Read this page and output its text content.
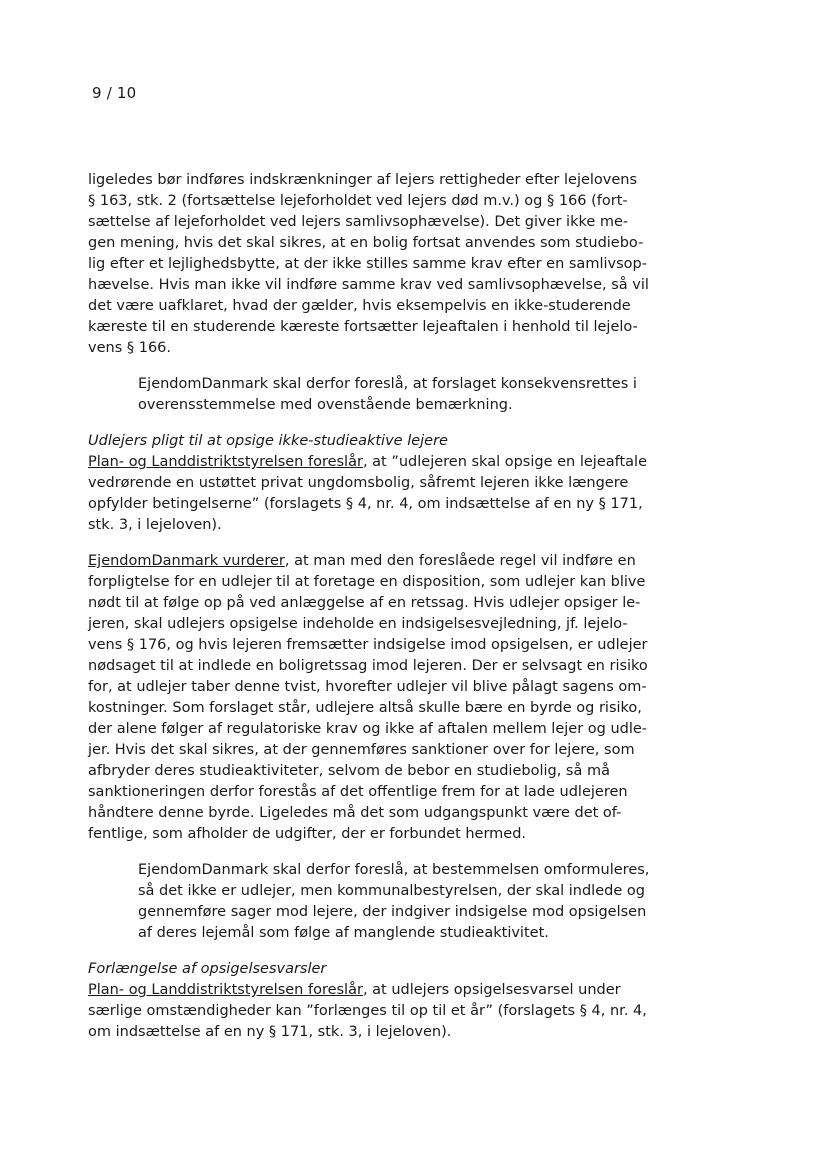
9 / 10

ligeledes bør indføres indskrænkninger af lejers rettigheder efter lejelovens
§ 163, stk. 2 (fortsættelse lejeforholdet ved lejers død m.v.) og § 166 (fort-
sættelse af lejeforholdet ved lejers samlivsophævelse). Det giver ikke me-
gen mening, hvis det skal sikres, at en bolig fortsat anvendes som studiebo-
lig efter et lejlighedsbytte, at der ikke stilles samme krav efter en samlivsop-
hævelse. Hvis man ikke vil indføre samme krav ved samlivsophævelse, så vil
det være uafklaret, hvad der gælder, hvis eksempelvis en ikke-studerende
kæreste til en studerende kæreste fortsætter lejeaftalen i henhold til lejelo-
vens § 166.

EjendomDanmark skal derfor foreslå, at forslaget konsekvensrettes i
overensstemmelse med ovenstående bemærkning.

Udlejers pligt til at opsige ikke-studieaktive lejere
Plan- og Landdistriktstyrelsen foreslår, at ”udlejeren skal opsige en lejeaftale
vedrørende en ustøttet privat ungdomsbolig, såfremt lejeren ikke længere
opfylder betingelserne” (forslagets § 4, nr. 4, om indsættelse af en ny § 171,
stk. 3, i lejeloven).

EjendomDanmark vurderer, at man med den foreslåede regel vil indføre en
forpligtelse for en udlejer til at foretage en disposition, som udlejer kan blive
nødt til at følge op på ved anlæggelse af en retssag. Hvis udlejer opsiger le-
jeren, skal udlejers opsigelse indeholde en indsigelsesvejledning, jf. lejelo-
vens § 176, og hvis lejeren fremsætter indsigelse imod opsigelsen, er udlejer
nødsaget til at indlede en boligretssag imod lejeren. Der er selvsagt en risiko
for, at udlejer taber denne tvist, hvorefter udlejer vil blive pålagt sagens om-
kostninger. Som forslaget står, udlejere altså skulle bære en byrde og risiko,
der alene følger af regulatoriske krav og ikke af aftalen mellem lejer og udle-
jer. Hvis det skal sikres, at der gennemføres sanktioner over for lejere, som
afbryder deres studieaktiviteter, selvom de bebor en studiebolig, så må
sanktioneringen derfor forestås af det offentlige frem for at lade udlejeren
håndtere denne byrde. Ligeledes må det som udgangspunkt være det of-
fentlige, som afholder de udgifter, der er forbundet hermed.

EjendomDanmark skal derfor foreslå, at bestemmelsen omformuleres,
så det ikke er udlejer, men kommunalbestyrelsen, der skal indlede og
gennemføre sager mod lejere, der indgiver indsigelse mod opsigelsen
af deres lejemål som følge af manglende studieaktivitet.

Forlængelse af opsigelsesvarsler
Plan- og Landdistriktstyrelsen foreslår, at udlejers opsigelsesvarsel under
særlige omstændigheder kan ”forlænges til op til et år” (forslagets § 4, nr. 4,
om indsættelse af en ny § 171, stk. 3, i lejeloven).
